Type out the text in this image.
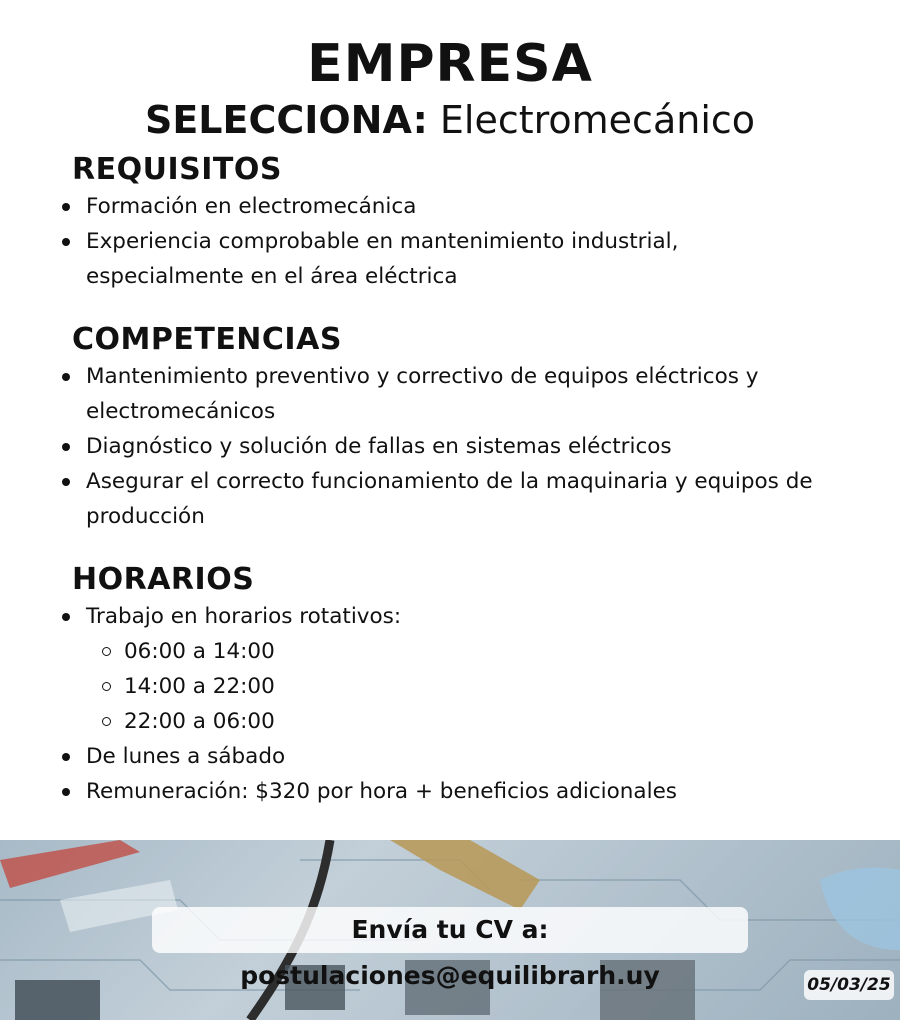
EMPRESA
SELECCIONA: Electromecánico
REQUISITOS
Formación en electromecánica
Experiencia comprobable en mantenimiento industrial, especialmente en el área eléctrica
COMPETENCIAS
Mantenimiento preventivo y correctivo de equipos eléctricos y electromecánicos
Diagnóstico y solución de fallas en sistemas eléctricos
Asegurar el correcto funcionamiento de la maquinaria y equipos de producción
HORARIOS
Trabajo en horarios rotativos:
06:00 a 14:00
14:00 a 22:00
22:00 a 06:00
De lunes a sábado
Remuneración: $320 por hora + beneficios adicionales
Envía tu CV a: postulaciones@equilibrarh.uy	05/03/25
